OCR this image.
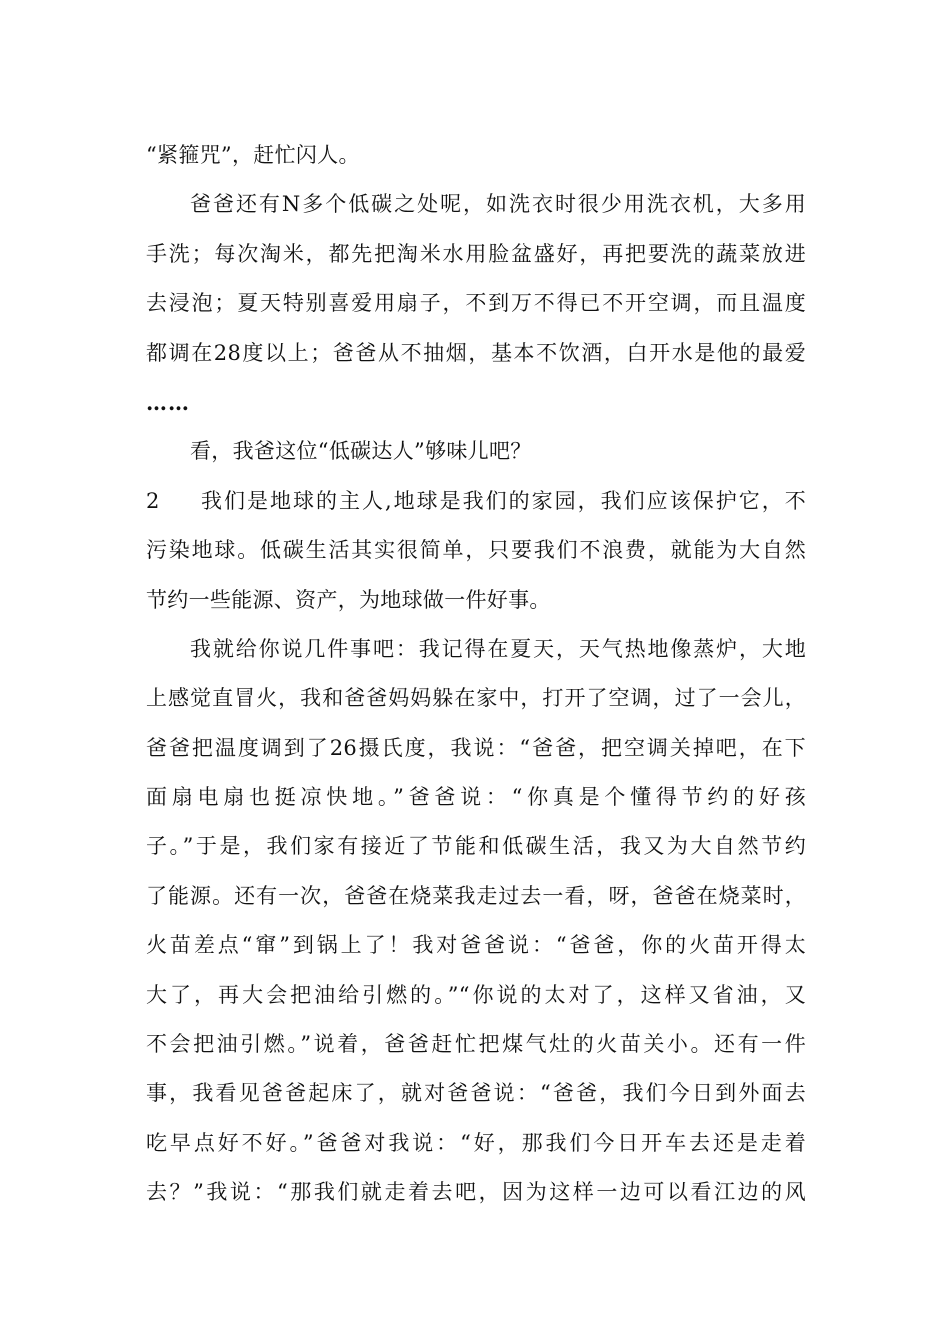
“紧箍咒”，赶忙闪人。
爸爸还有N多个低碳之处呢，如洗衣时很少用洗衣机，大多用
手洗；每次淘米，都先把淘米水用脸盆盛好，再把要洗的蔬菜放进
去浸泡；夏天特别喜爱用扇子，不到万不得已不开空调，而且温度
都调在28度以上；爸爸从不抽烟，基本不饮酒，白开水是他的最爱
……
看，我爸这位“低碳达人”够味儿吧？
2	我们是地球的主人,地球是我们的家园，我们应该保护它，不
污染地球。低碳生活其实很简单，只要我们不浪费，就能为大自然
节约一些能源、资产，为地球做一件好事。
我就给你说几件事吧：我记得在夏天，天气热地像蒸炉，大地
上感觉直冒火，我和爸爸妈妈躲在家中，打开了空调，过了一会儿，
爸爸把温度调到了26摄氏度，我说：“爸爸，把空调关掉吧，在下
面扇电扇也挺凉快地。”爸爸说：“你真是个懂得节约的好孩
子。”于是，我们家有接近了节能和低碳生活，我又为大自然节约
了能源。还有一次，爸爸在烧菜我走过去一看，呀，爸爸在烧菜时，
火苗差点“窜”到锅上了！我对爸爸说：“爸爸，你的火苗开得太
大了，再大会把油给引燃的。”“你说的太对了，这样又省油，又
不会把油引燃。”说着，爸爸赶忙把煤气灶的火苗关小。还有一件
事，我看见爸爸起床了，就对爸爸说：“爸爸，我们今日到外面去
吃早点好不好。”爸爸对我说：“好，那我们今日开车去还是走着
去？”我说：“那我们就走着去吧，因为这样一边可以看江边的风
